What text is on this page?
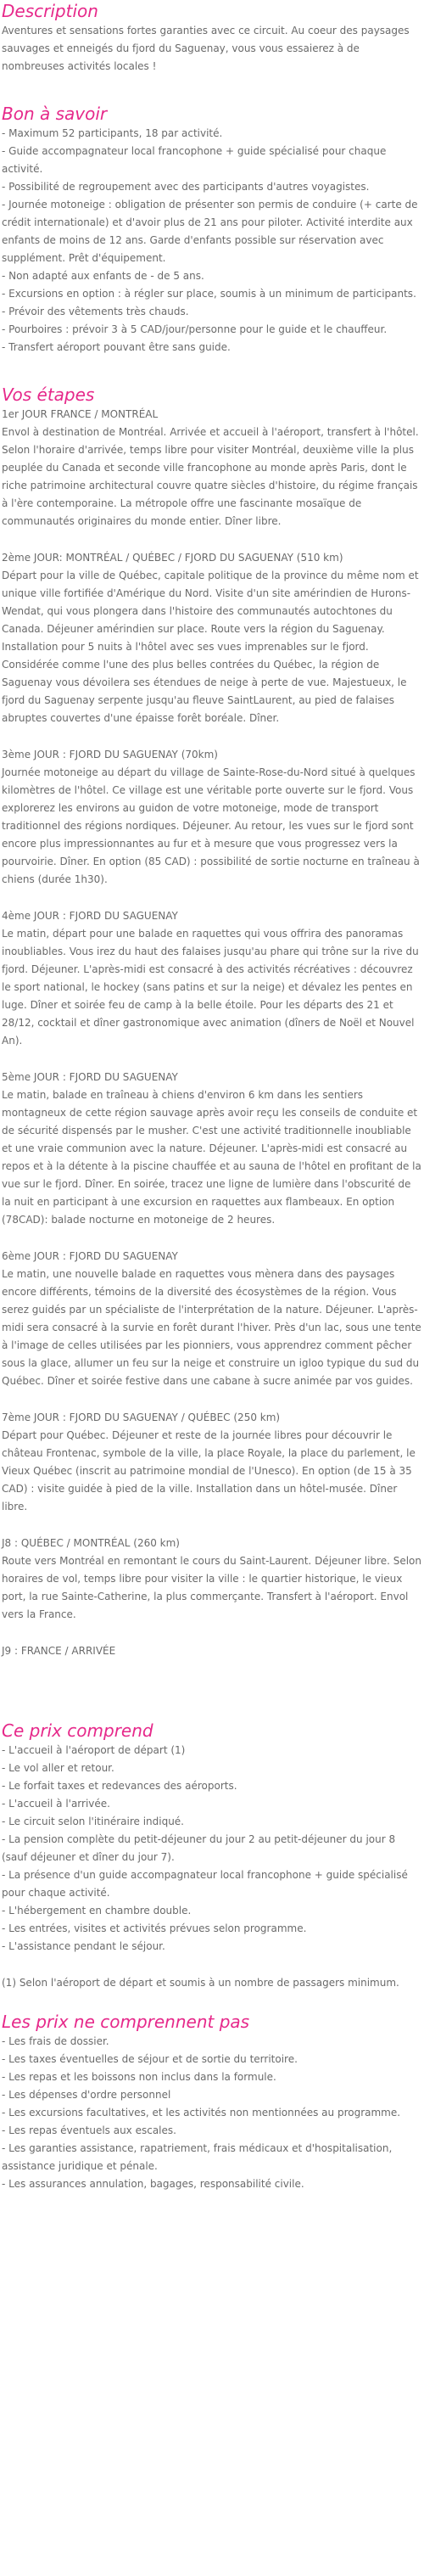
Description

Aventures et sensations fortes garanties avec ce circuit. Au coeur des paysages sauvages et enneigés du fjord du Saguenay, vous vous essaierez à de nombreuses activités locales !

Bon à savoir
- Maximum 52 participants, 18 par activité.
- Guide accompagnateur local francophone + guide spécialisé pour chaque activité.
- Possibilité de regroupement avec des participants d'autres voyagistes.
- Journée motoneige : obligation de présenter son permis de conduire (+ carte de crédit internationale) et d'avoir plus de 21 ans pour piloter. Activité interdite aux enfants de moins de 12 ans. Garde d'enfants possible sur réservation avec supplément. Prêt d'équipement.
- Non adapté aux enfants de - de 5 ans.
- Excursions en option : à régler sur place, soumis à un minimum de participants.
- Prévoir des vêtements très chauds.
- Pourboires : prévoir 3 à 5 CAD/jour/personne pour le guide et le chauffeur.
- Transfert aéroport pouvant être sans guide.
Vos étapes

1er JOUR FRANCE / MONTRÉAL

Envol à destination de Montréal. Arrivée et accueil à l'aéroport, transfert à l'hôtel. Selon l'horaire d'arrivée, temps libre pour visiter Montréal, deuxième ville la plus peuplée du Canada et seconde ville francophone au monde après Paris, dont le riche patrimoine architectural couvre quatre siècles d'histoire, du régime français à l'ère contemporaine. La métropole offre une fascinante mosaïque de communautés originaires du monde entier. Dîner libre.

2ème JOUR: MONTRÉAL / QUÉBEC / FJORD DU SAGUENAY (510 km)

Départ pour la ville de Québec, capitale politique de la province du même nom et unique ville fortifiée d'Amérique du Nord. Visite d'un site amérindien de Hurons-Wendat, qui vous plongera dans l'histoire des communautés autochtones du Canada. Déjeuner amérindien sur place. Route vers la région du Saguenay. Installation pour 5 nuits à l'hôtel avec ses vues imprenables sur le fjord. Considérée comme l'une des plus belles contrées du Québec, la région de Saguenay vous dévoilera ses étendues de neige à perte de vue. Majestueux, le fjord du Saguenay serpente jusqu'au fleuve SaintLaurent, au pied de falaises abruptes couvertes d'une épaisse forêt boréale. Dîner.

3ème JOUR : FJORD DU SAGUENAY (70km)

Journée motoneige au départ du village de Sainte-Rose-du-Nord situé à quelques kilomètres de l'hôtel. Ce village est une véritable porte ouverte sur le fjord. Vous explorerez les environs au guidon de votre motoneige, mode de transport traditionnel des régions nordiques. Déjeuner. Au retour, les vues sur le fjord sont encore plus impressionnantes au fur et à mesure que vous progressez vers la pourvoirie. Dîner. En option (85 CAD) : possibilité de sortie nocturne en traîneau à chiens (durée 1h30).

4ème JOUR : FJORD DU SAGUENAY

Le matin, départ pour une balade en raquettes qui vous offrira des panoramas inoubliables. Vous irez du haut des falaises jusqu'au phare qui trône sur la rive du fjord. Déjeuner. L'après-midi est consacré à des activités récréatives : découvrez le sport national, le hockey (sans patins et sur la neige) et dévalez les pentes en luge. Dîner et soirée feu de camp à la belle étoile. Pour les départs des 21 et 28/12, cocktail et dîner gastronomique avec animation (dîners de Noël et Nouvel An).

5ème JOUR : FJORD DU SAGUENAY

Le matin, balade en traîneau à chiens d'environ 6 km dans les sentiers montagneux de cette région sauvage après avoir reçu les conseils de conduite et de sécurité dispensés par le musher. C'est une activité traditionnelle inoubliable et une vraie communion avec la nature. Déjeuner. L'après-midi est consacré au repos et à la détente à la piscine chauffée et au sauna de l'hôtel en profitant de la vue sur le fjord. Dîner. En soirée, tracez une ligne de lumière dans l'obscurité de la nuit en participant à une excursion en raquettes aux flambeaux. En option (78CAD): balade nocturne en motoneige de 2 heures.

6ème JOUR : FJORD DU SAGUENAY

Le matin, une nouvelle balade en raquettes vous mènera dans des paysages encore différents, témoins de la diversité des écosystèmes de la région. Vous serez guidés par un spécialiste de l'interprétation de la nature. Déjeuner. L'après-midi sera consacré à la survie en forêt durant l'hiver. Près d'un lac, sous une tente à l'image de celles utilisées par les pionniers, vous apprendrez comment pêcher sous la glace, allumer un feu sur la neige et construire un igloo typique du sud du Québec. Dîner et soirée festive dans une cabane à sucre animée par vos guides.

7ème JOUR : FJORD DU SAGUENAY / QUÉBEC (250 km)

Départ pour Québec. Déjeuner et reste de la journée libres pour découvrir le château Frontenac, symbole de la ville, la place Royale, la place du parlement, le Vieux Québec (inscrit au patrimoine mondial de l'Unesco). En option (de 15 à 35 CAD) : visite guidée à pied de la ville. Installation dans un hôtel-musée. Dîner libre.

J8 : QUÉBEC / MONTRÉAL (260 km)

Route vers Montréal en remontant le cours du Saint-Laurent. Déjeuner libre. Selon horaires de vol, temps libre pour visiter la ville : le quartier historique, le vieux port, la rue Sainte-Catherine, la plus commerçante. Transfert à l'aéroport. Envol vers la France.

J9 : FRANCE / ARRIVÉE

Ce prix comprend
- L'accueil à l'aéroport de départ (1)
- Le vol aller et retour.
- Le forfait taxes et redevances des aéroports.
- L'accueil à l'arrivée.
- Le circuit selon l'itinéraire indiqué.
- La pension complète du petit-déjeuner du jour 2 au petit-déjeuner du jour 8 (sauf déjeuner et dîner du jour 7).
- La présence d'un guide accompagnateur local francophone + guide spécialisé pour chaque activité.
- L'hébergement en chambre double.
- Les entrées, visites et activités prévues selon programme.
- L'assistance pendant le séjour.

(1) Selon l'aéroport de départ et soumis à un nombre de passagers minimum.

Les prix ne comprennent pas
- Les frais de dossier.
- Les taxes éventuelles de séjour et de sortie du territoire.
- Les repas et les boissons non inclus dans la formule.
- Les dépenses d'ordre personnel
- Les excursions facultatives, et les activités non mentionnées au programme.
- Les repas éventuels aux escales.
- Les garanties assistance, rapatriement, frais médicaux et d'hospitalisation, assistance juridique et pénale.
- Les assurances annulation, bagages, responsabilité civile.
